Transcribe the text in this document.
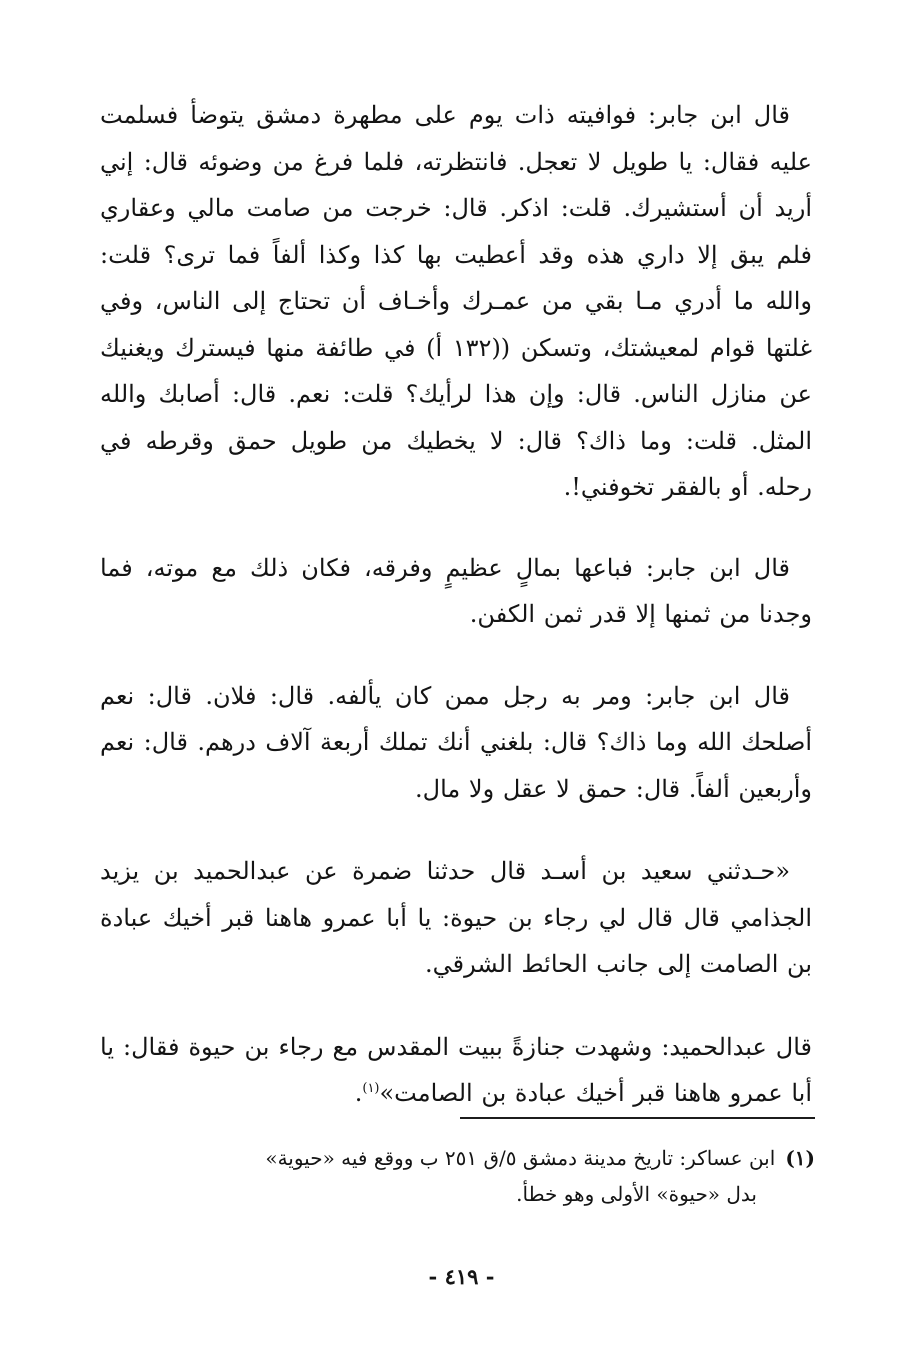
قال ابن جابر: فوافيته ذات يوم على مطهرة دمشق يتوضأ فسلمت عليه فقال: يا طويل لا تعجل. فانتظرته، فلما فرغ من وضوئه قال: إني أريد أن أستشيرك. قلت: اذكر. قال: خرجت من صامت مالي وعقاري فلم يبق إلا داري هذه وقد أعطيت بها كذا وكذا ألفاً فما ترى؟ قلت: والله ما أدري مـا بقي من عمـرك وأخـاف أن تحتاج إلى الناس، وفي غلتها قوام لمعيشتك، وتسكن ((١٣٢ أ) في طائفة منها فيسترك ويغنيك عن منازل الناس. قال: وإن هذا لرأيك؟ قلت: نعم. قال: أصابك والله المثل. قلت: وما ذاك؟ قال: لا يخطيك من طويل حمق وقرطه في رحله. أو بالفقر تخوفني!.

قال ابن جابر: فباعها بمالٍ عظيمٍ وفرقه، فكان ذلك مع موته، فما وجدنا من ثمنها إلا قدر ثمن الكفن.

قال ابن جابر: ومر به رجل ممن كان يألفه. قال: فلان. قال: نعم أصلحك الله وما ذاك؟ قال: بلغني أنك تملك أربعة آلاف درهم. قال: نعم وأربعين ألفاً. قال: حمق لا عقل ولا مال.

«حـدثني سعيد بن أسـد قال حدثنا ضمرة عن عبدالحميد بن يزيد الجذامي قال قال لي رجاء بن حيوة: يا أبا عمرو هاهنا قبر أخيك عبادة بن الصامت إلى جانب الحائط الشرقي.

قال عبدالحميد: وشهدت جنازةً ببيت المقدس مع رجاء بن حيوة فقال: يا أبا عمرو هاهنا قبر أخيك عبادة بن الصامت»$^{(١)}$.

(١)ابن عساكر: تاريخ مدينة دمشق ٥/ق ٢٥١ ب ووقع فيه «حيوية»
بدل «حيوة» الأولى وهو خطأ.

- ٤١٩ -
